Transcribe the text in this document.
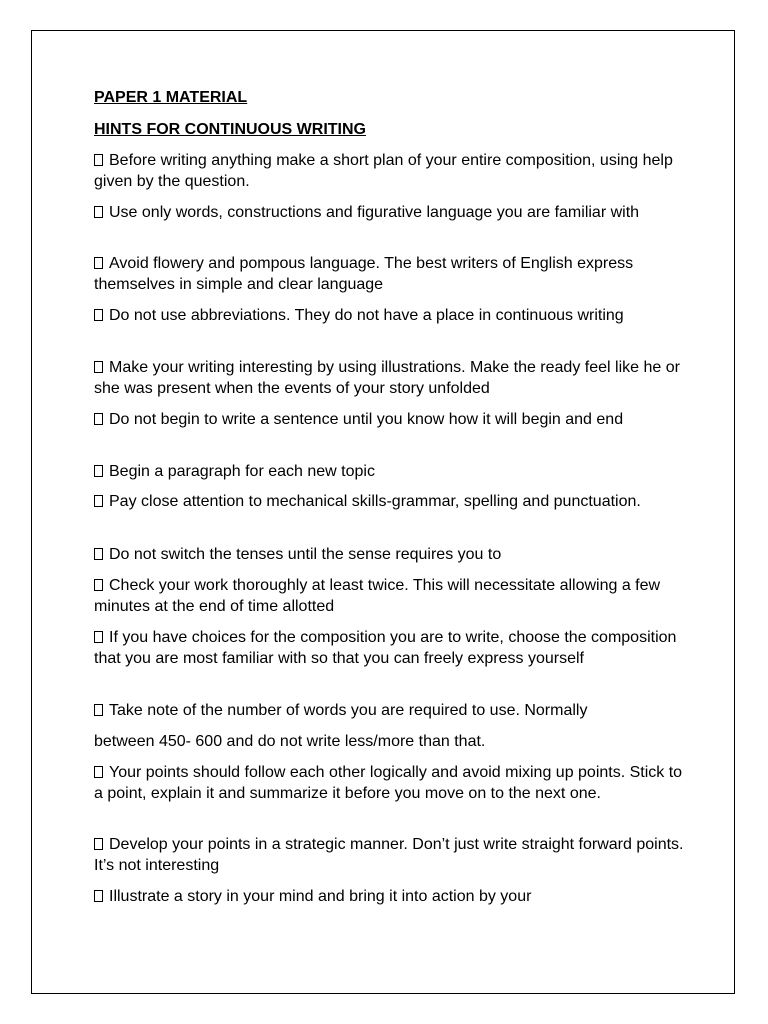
PAPER 1 MATERIAL
HINTS FOR CONTINUOUS WRITING
Before writing anything make a short plan of your entire composition, using help given by the question.
Use only words, constructions and figurative language you are familiar with
Avoid flowery and pompous language. The best writers of English express themselves in simple and clear language
Do not use abbreviations. They do not have a place in continuous writing
Make your writing interesting by using illustrations. Make the ready feel like he or she was present when the events of your story unfolded
Do not begin to write a sentence until you know how it will begin and end
Begin a paragraph for each new topic
Pay close attention to mechanical skills-grammar, spelling and punctuation.
Do not switch the tenses until the sense requires you to
Check your work thoroughly at least twice. This will necessitate allowing a few minutes at the end of time allotted
If you have choices for the composition you are to write, choose the composition that you are most familiar with so that you can freely express yourself
Take note of the number of words you are required to use. Normally
between 450- 600 and do not write less/more than that.
Your points should follow each other logically and avoid mixing up points. Stick to a point, explain it and summarize it before you move on to the next one.
Develop your points in a strategic manner. Don’t just write straight forward points. It’s not interesting
Illustrate a story in your mind and bring it into action by your
